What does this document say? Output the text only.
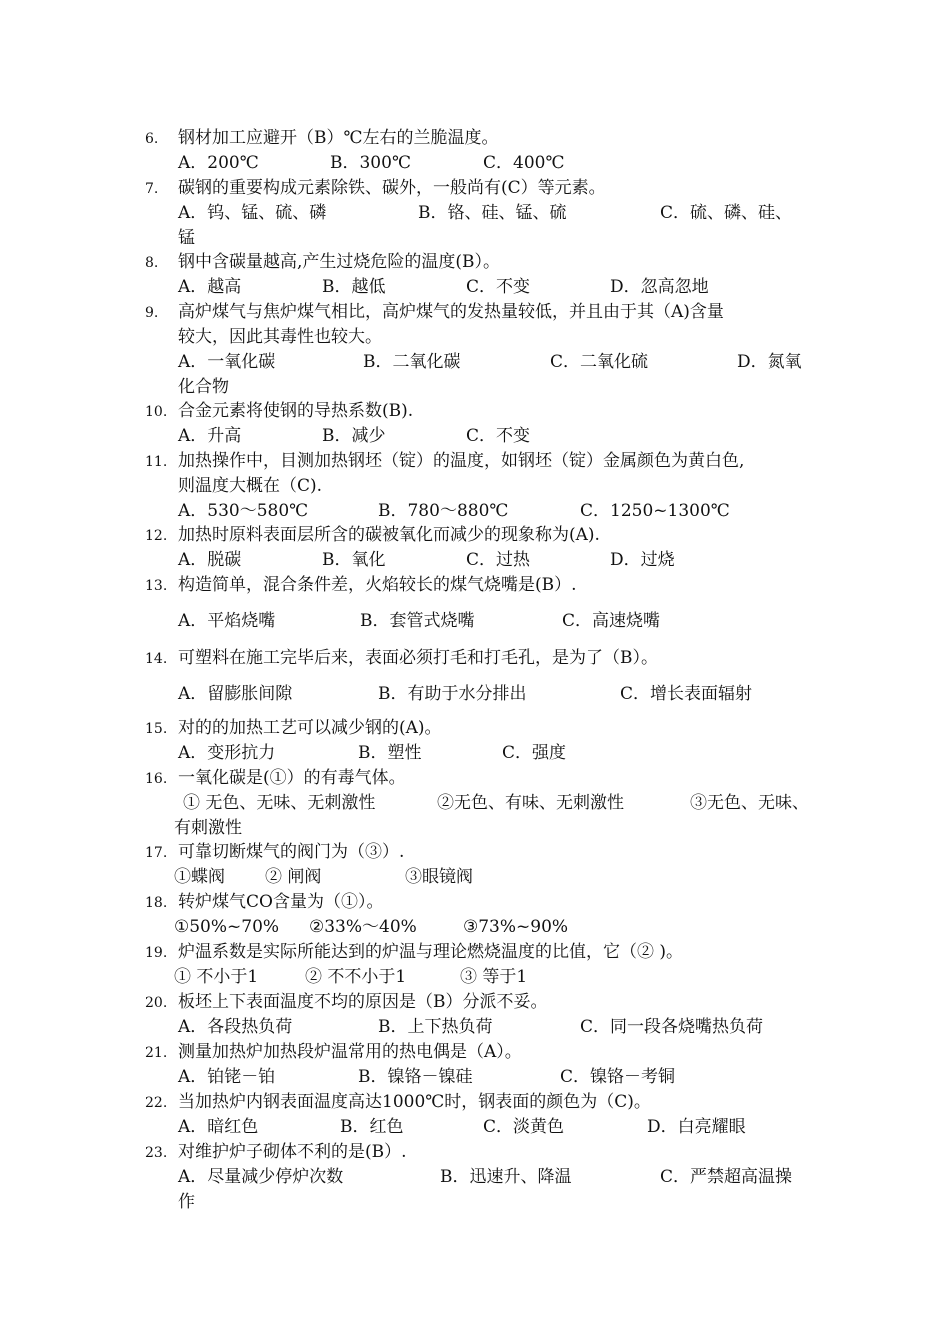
6. 钢材加工应避开（B）℃左右的兰脆温度。
A．200℃	B．300℃	C．400℃
7. 碳钢的重要构成元素除铁、碳外，一般尚有(C）等元素。
A．钨、锰、硫、磷	B．铬、硅、锰、硫	C．硫、磷、硅、
锰
8. 钢中含碳量越高,产生过烧危险的温度(B）。
A．越高	B．越低	C．不变	D．忽高忽地
9. 高炉煤气与焦炉煤气相比，高炉煤气的发热量较低，并且由于其（A)含量
较大，因此其毒性也较大。
A．一氧化碳	B．二氧化碳	C．二氧化硫	D．氮氧
化合物
10. 合金元素将使钢的导热系数(B).
A．升高	B．减少	C．不变
11. 加热操作中，目测加热钢坯（锭）的温度，如钢坯（锭）金属颜色为黄白色,
则温度大概在（C).
A．530～580℃	B．780～880℃	C．1250~1300℃
12. 加热时原料表面层所含的碳被氧化而减少的现象称为(A).
A．脱碳	B．氧化	C．过热	D．过烧
13. 构造简单，混合条件差，火焰较长的煤气烧嘴是(B）.
A．平焰烧嘴	B．套管式烧嘴	C．高速烧嘴
14. 可塑料在施工完毕后来，表面必须打毛和打毛孔，是为了（B）。
A．留膨胀间隙	B．有助于水分排出	C．增长表面辐射
15. 对的的加热工艺可以减少钢的(A)。
A．变形抗力	B．塑性	C．强度
16. 一氧化碳是(①）的有毒气体。
① 无色、无味、无刺激性	②无色、有味、无刺激性	③无色、无味、
有刺激性
17. 可靠切断煤气的阀门为（③）.
①蝶阀 ② 闸阀	③眼镜阀
18. 转炉煤气CO含量为（①）。
①50%~70% ②33%～40%	③73%~90%
19. 炉温系数是实际所能达到的炉温与理论燃烧温度的比值，它（② )。
① 不小于1	② 不不小于1	③ 等于1
20. 板坯上下表面温度不均的原因是（B）分派不妥。
A．各段热负荷	B．上下热负荷	C．同一段各烧嘴热负荷
21. 测量加热炉加热段炉温常用的热电偶是（A）。
A．铂铑－铂	B．镍铬－镍硅	C．镍铬－考铜
22. 当加热炉内钢表面温度高达1000℃时，钢表面的颜色为（C)。
A．暗红色	B．红色	C．淡黄色	D．白亮耀眼
23. 对维护炉子砌体不利的是(B）.
A．尽量减少停炉次数	B．迅速升、降温	C．严禁超高温操
作
